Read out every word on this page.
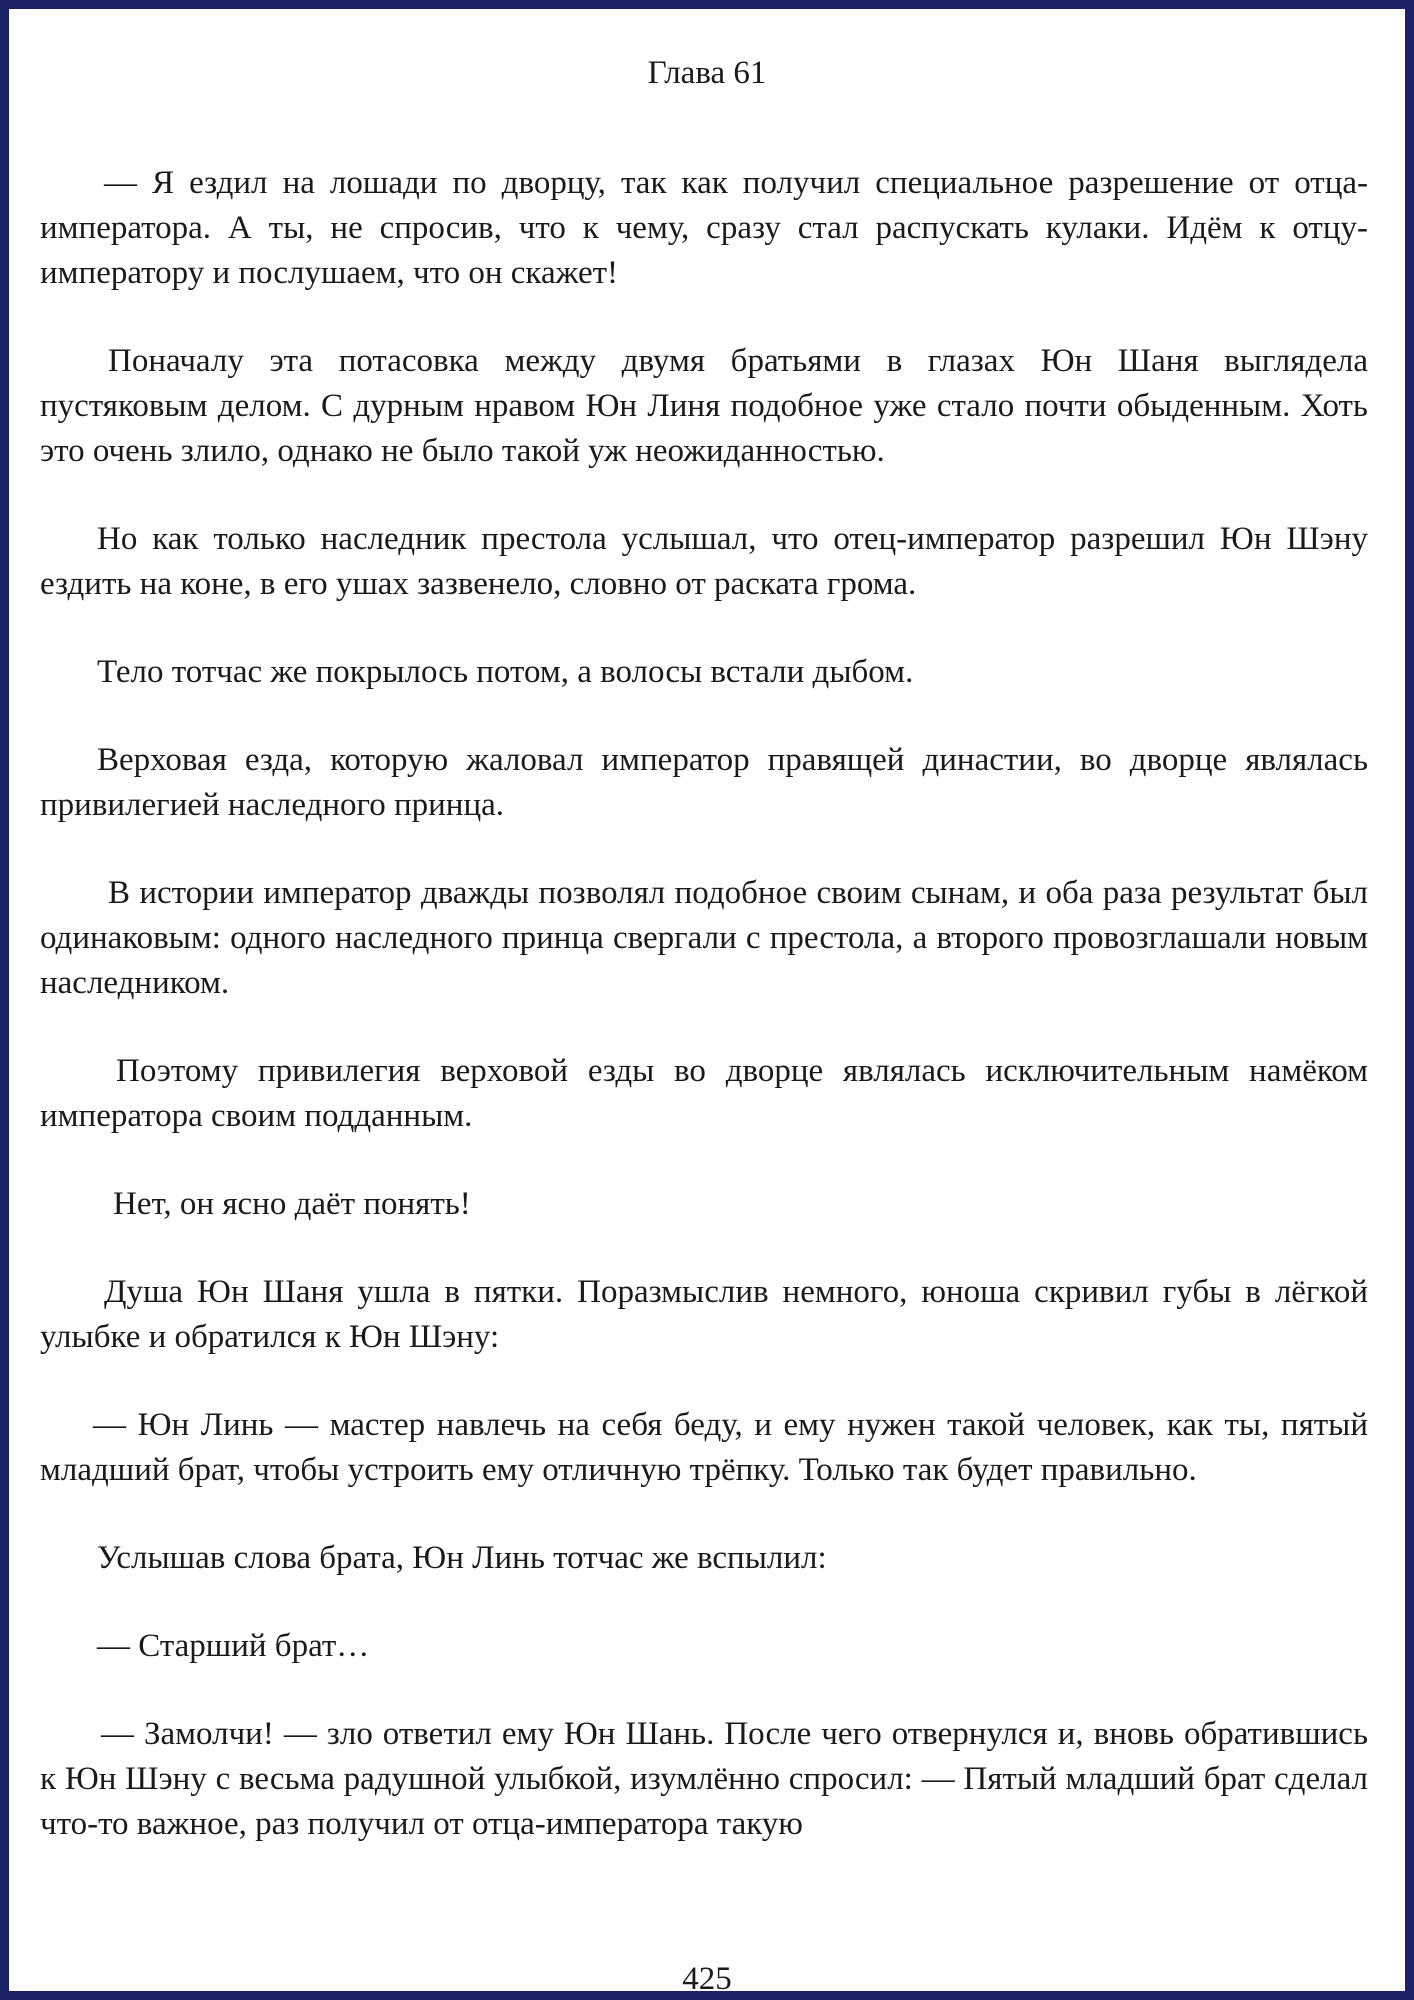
Глава 61

— Я ездил на лошади по дворцу, так как получил специальное разрешение от отца-императора. А ты, не спросив, что к чему, сразу стал распускать кулаки. Идём к отцу-императору и послушаем, что он скажет!

Поначалу эта потасовка между двумя братьями в глазах Юн Шаня выглядела пустяковым делом. С дурным нравом Юн Линя подобное уже стало почти обыденным. Хоть это очень злило, однако не было такой уж неожиданностью.

Но как только наследник престола услышал, что отец-император разрешил Юн Шэну ездить на коне, в его ушах зазвенело, словно от раската грома.

Тело тотчас же покрылось потом, а волосы встали дыбом.

Верховая езда, которую жаловал император правящей династии, во дворце являлась привилегией наследного принца.

В истории император дважды позволял подобное своим сынам, и оба раза результат был одинаковым: одного наследного принца свергали с престола, а второго провозглашали новым наследником.

Поэтому привилегия верховой езды во дворце являлась исключительным намёком императора своим подданным.

Нет, он ясно даёт понять!

Душа Юн Шаня ушла в пятки. Поразмыслив немного, юноша скривил губы в лёгкой улыбке и обратился к Юн Шэну:

— Юн Линь — мастер навлечь на себя беду, и ему нужен такой человек, как ты, пятый младший брат, чтобы устроить ему отличную трёпку. Только так будет правильно.

Услышав слова брата, Юн Линь тотчас же вспылил:

— Старший брат…

— Замолчи! — зло ответил ему Юн Шань. После чего отвернулся и, вновь обратившись к Юн Шэну с весьма радушной улыбкой, изумлённо спросил: — Пятый младший брат сделал что-то важное, раз получил от отца-императора такую

425
